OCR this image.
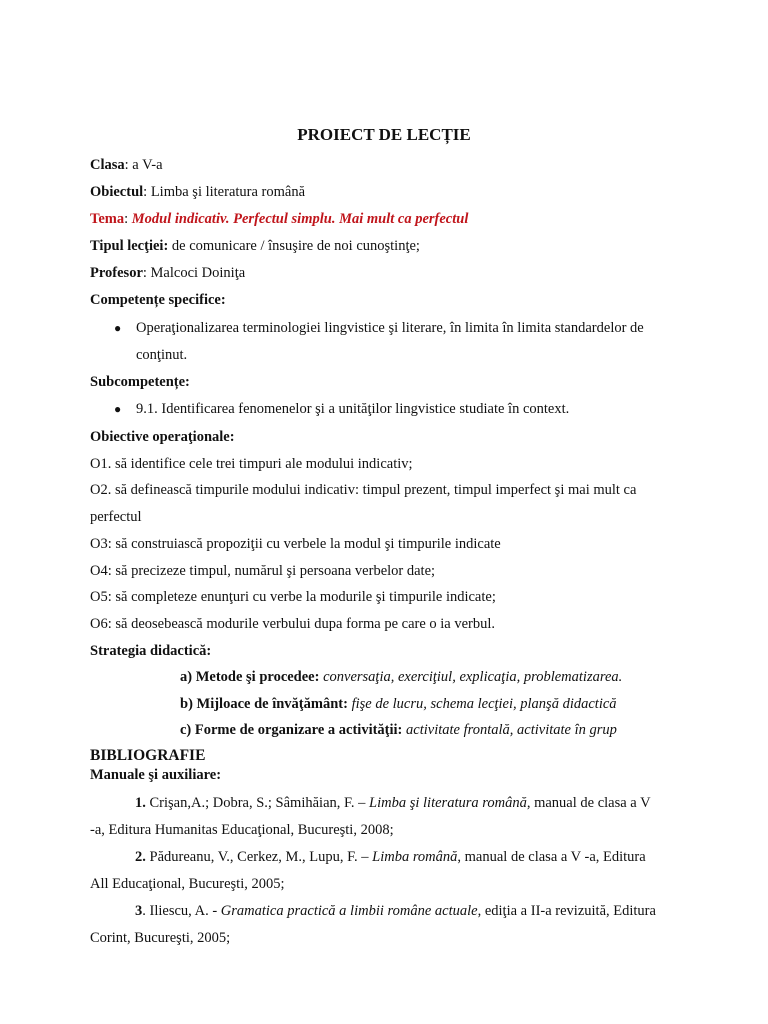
PROIECT DE LECȚIE
Clasa: a V-a
Obiectul: Limba şi literatura română
Tema: Modul indicativ. Perfectul simplu. Mai mult ca perfectul
Tipul lecţiei: de comunicare / însuşire de noi cunoştinţe;
Profesor: Malcoci Doiniţa
Competențe specifice:
● Operaţionalizarea terminologiei lingvistice şi literare, în limita în limita standardelor de
conţinut.
Subcompetențe:
● 9.1. Identificarea fenomenelor şi a unităţilor lingvistice studiate în context.
Obiective operaţionale:
O1. să identifice cele trei timpuri ale modului indicativ;
O2. să definească timpurile modului indicativ: timpul prezent, timpul imperfect şi mai mult ca
perfectul
O3: să construiască propoziţii cu verbele la modul şi timpurile indicate
O4: să precizeze timpul, numărul şi persoana verbelor date;
O5: să completeze enunţuri cu verbe la modurile şi timpurile indicate;
O6: să deosebească modurile verbului dupa forma pe care o ia verbul.
Strategia didactică:
a) Metode şi procedee: conversaţia, exerciţiul, explicaţia, problematizarea.
b) Mijloace de învăţământ: fişe de lucru, schema lecţiei, planşă didactică
c) Forme de organizare a activităţii: activitate frontală, activitate în grup
BIBLIOGRAFIE
Manuale şi auxiliare:
1. Crişan,A.; Dobra, S.; Sâmihăian, F. – Limba şi literatura română, manual de clasa a V
-a, Editura Humanitas Educaţional, Bucureşti, 2008;
2. Pădureanu, V., Cerkez, M., Lupu, F. – Limba română, manual de clasa a V -a, Editura
All Educaţional, Bucureşti, 2005;
3. Iliescu, A. - Gramatica practică a limbii române actuale, ediţia a II-a revizuită, Editura
Corint, Bucureşti, 2005;
